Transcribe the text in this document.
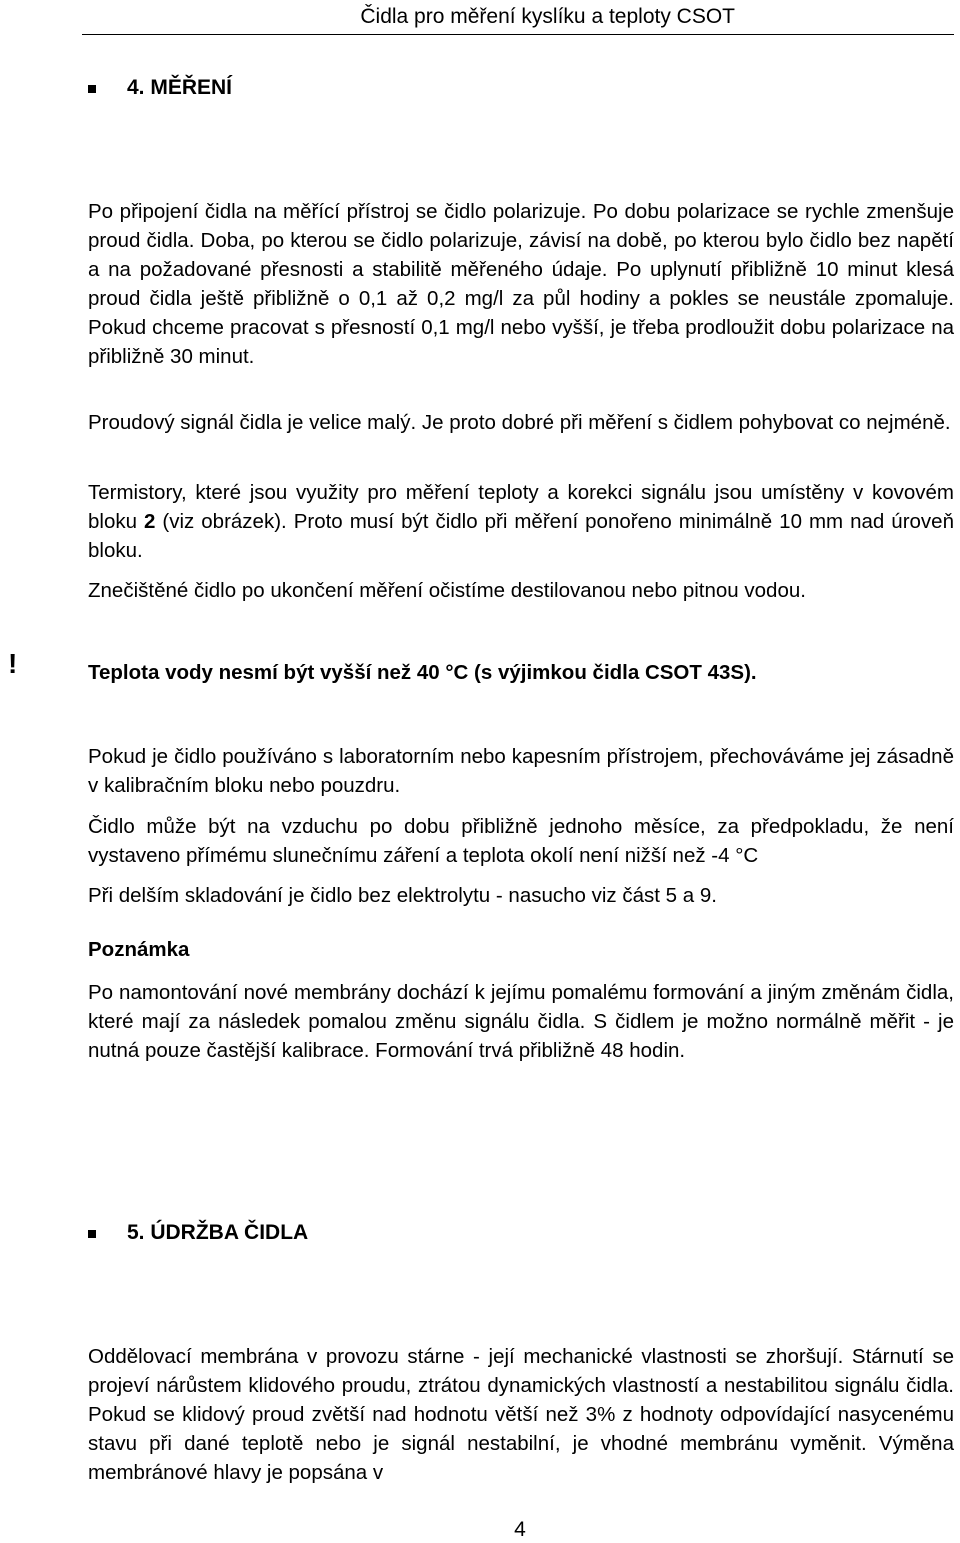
Čidla pro měření kyslíku a teploty CSOT
4. MĚŘENÍ

Po připojení čidla na měřící přístroj se čidlo polarizuje. Po dobu polarizace se rychle zmenšuje proud čidla. Doba, po kterou se čidlo polarizuje, závisí na době, po kterou bylo čidlo bez napětí a na požadované přesnosti a stabilitě měřeného údaje. Po uplynutí přibližně 10 minut klesá proud čidla ještě přibližně o 0,1 až 0,2 mg/l za půl hodiny a pokles se neustále zpomaluje. Pokud chceme pracovat s přesností 0,1 mg/l nebo vyšší, je třeba prodloužit dobu polarizace na přibližně 30 minut.

Proudový signál čidla je velice malý. Je proto dobré při měření s čidlem pohybovat co nejméně.

Termistory, které jsou využity pro měření teploty a korekci signálu jsou umístěny v kovovém bloku 2 (viz obrázek). Proto musí být čidlo při měření ponořeno minimálně 10 mm nad úroveň bloku.

Znečištěné čidlo po ukončení měření očistíme destilovanou nebo pitnou vodou.

!	Teplota vody nesmí být vyšší než 40 °C (s výjimkou čidla CSOT 43S).

Pokud je čidlo používáno s laboratorním nebo kapesním přístrojem, přechováváme jej zásadně v kalibračním bloku nebo pouzdru.

Čidlo může být na vzduchu po dobu přibližně jednoho měsíce, za předpokladu, že není vystaveno přímému slunečnímu záření a teplota okolí není nižší než -4 °C

Při delším skladování je čidlo bez elektrolytu - nasucho viz část 5 a 9.

Poznámka

Po namontování nové membrány dochází k jejímu pomalému formování a jiným změnám čidla, které mají za následek pomalou změnu signálu čidla. S čidlem je možno normálně měřit - je nutná pouze častější kalibrace. Formování trvá přibližně 48 hodin.

5. ÚDRŽBA ČIDLA

Oddělovací membrána v provozu stárne - její mechanické vlastnosti se zhoršují. Stárnutí se projeví nárůstem klidového proudu, ztrátou dynamických vlastností a nestabilitou signálu čidla. Pokud se klidový proud zvětší nad hodnotu větší než 3% z hodnoty odpovídající nasycenému stavu při dané teplotě nebo je signál nestabilní, je vhodné membránu vyměnit. Výměna membránové hlavy je popsána v

4
